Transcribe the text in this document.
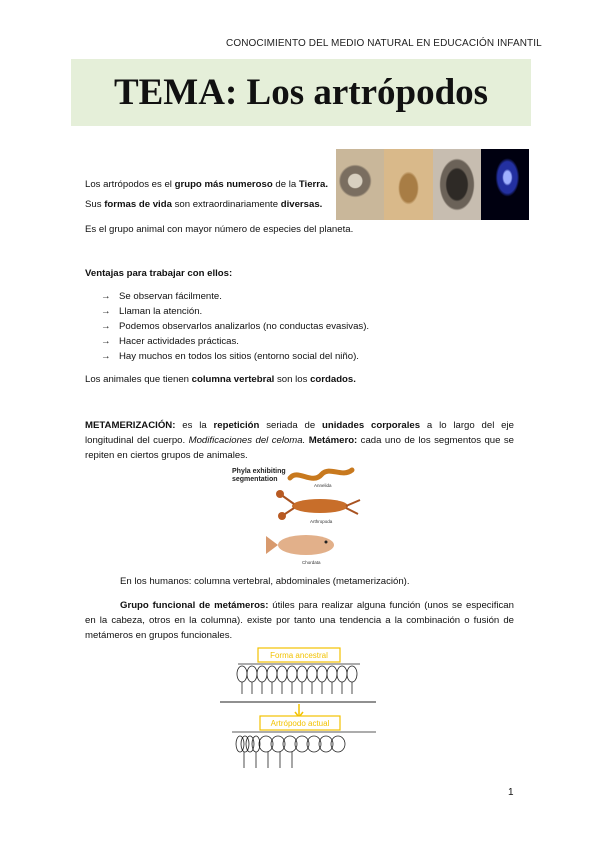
CONOCIMIENTO DEL MEDIO NATURAL EN EDUCACIÓN INFANTIL
TEMA: Los artrópodos

Los artrópodos es el grupo más numeroso de la Tierra.

Sus formas de vida son extraordinariamente diversas.

Es el grupo animal con mayor número de especies del planeta.

Ventajas para trabajar con ellos:

→ Se observan fácilmente.
→ Llaman la atención.
→ Podemos observarlos analizarlos (no conductas evasivas).
→ Hacer actividades prácticas.
→ Hay muchos en todos los sitios (entorno social del niño).

Los animales que tienen columna vertebral son los cordados.

METAMERIZACIÓN: es la repetición seriada de unidades corporales a lo largo del eje longitudinal del cuerpo. Modificaciones del celoma. Metámero: cada uno de los segmentos que se repiten en ciertos grupos de animales.
Phyla exhibiting
segmentation
Annelida
Arthropoda
Chordata

En los humanos: columna vertebral, abdominales (metamerización).

Grupo funcional de metámeros: útiles para realizar alguna función (unos se especifican en la cabeza, otros en la columna). existe por tanto una tendencia a la combinación o fusión de metámeros en grupos funcionales.
Forma ancestral
Artrópodo actual
1
